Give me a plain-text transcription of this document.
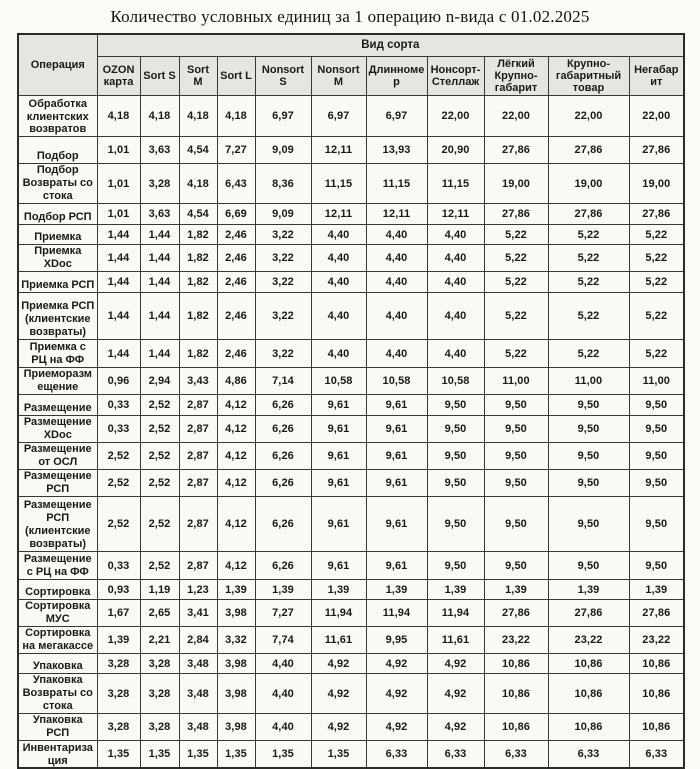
Количество условных единиц за 1 операцию n-вида с 01.02.2025
Операция	Вид сорта										
	OZON карта	Sort S	Sort M	Sort L	Nonsort S	Nonsort M	Длинномер	Нонсорт-Стеллаж	Лёгкий Крупно-габарит	Крупно-габаритный товар	Негабарит
Обработка клиентских возвратов	4,18	4,18	4,18	4,18	6,97	6,97	6,97	22,00	22,00	22,00	22,00
Подбор	1,01	3,63	4,54	7,27	9,09	12,11	13,93	20,90	27,86	27,86	27,86
Подбор Возвраты со стока	1,01	3,28	4,18	6,43	8,36	11,15	11,15	11,15	19,00	19,00	19,00
Подбор РСП	1,01	3,63	4,54	6,69	9,09	12,11	12,11	12,11	27,86	27,86	27,86
Приемка	1,44	1,44	1,82	2,46	3,22	4,40	4,40	4,40	5,22	5,22	5,22
Приемка XDoc	1,44	1,44	1,82	2,46	3,22	4,40	4,40	4,40	5,22	5,22	5,22
Приемка РСП	1,44	1,44	1,82	2,46	3,22	4,40	4,40	4,40	5,22	5,22	5,22
Приемка РСП (клиентские возвраты)	1,44	1,44	1,82	2,46	3,22	4,40	4,40	4,40	5,22	5,22	5,22
Приемка с РЦ на ФФ	1,44	1,44	1,82	2,46	3,22	4,40	4,40	4,40	5,22	5,22	5,22
Приеморазмещение	0,96	2,94	3,43	4,86	7,14	10,58	10,58	10,58	11,00	11,00	11,00
Размещение	0,33	2,52	2,87	4,12	6,26	9,61	9,61	9,50	9,50	9,50	9,50
Размещение XDoc	0,33	2,52	2,87	4,12	6,26	9,61	9,61	9,50	9,50	9,50	9,50
Размещение от ОСЛ	2,52	2,52	2,87	4,12	6,26	9,61	9,61	9,50	9,50	9,50	9,50
Размещение РСП	2,52	2,52	2,87	4,12	6,26	9,61	9,61	9,50	9,50	9,50	9,50
Размещение РСП (клиентские возвраты)	2,52	2,52	2,87	4,12	6,26	9,61	9,61	9,50	9,50	9,50	9,50
Размещение с РЦ на ФФ	0,33	2,52	2,87	4,12	6,26	9,61	9,61	9,50	9,50	9,50	9,50
Сортировка	0,93	1,19	1,23	1,39	1,39	1,39	1,39	1,39	1,39	1,39	1,39
Сортировка МУС	1,67	2,65	3,41	3,98	7,27	11,94	11,94	11,94	27,86	27,86	27,86
Сортировка на мегакассе	1,39	2,21	2,84	3,32	7,74	11,61	9,95	11,61	23,22	23,22	23,22
Упаковка	3,28	3,28	3,48	3,98	4,40	4,92	4,92	4,92	10,86	10,86	10,86
Упаковка Возвраты со стока	3,28	3,28	3,48	3,98	4,40	4,92	4,92	4,92	10,86	10,86	10,86
Упаковка РСП	3,28	3,28	3,48	3,98	4,40	4,92	4,92	4,92	10,86	10,86	10,86
Инвентаризация	1,35	1,35	1,35	1,35	1,35	1,35	6,33	6,33	6,33	6,33	6,33
